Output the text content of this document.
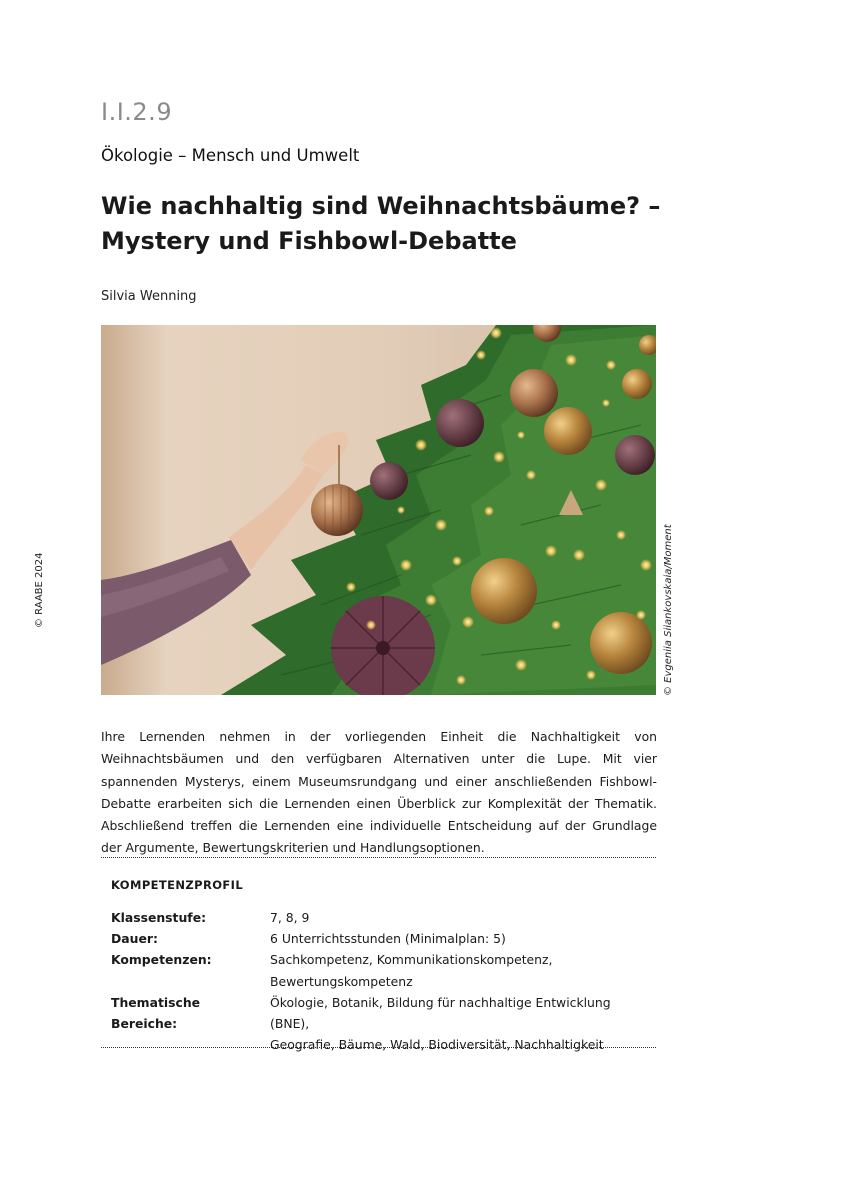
I.I.2.9
Ökologie – Mensch und Umwelt
Wie nachhaltig sind Weihnachtsbäume? –
Mystery und Fishbowl-Debatte
Silvia Wenning
© RAABE 2024	© Evgeniia Siiankovskaia/Moment

Ihre Lernenden nehmen in der vorliegenden Einheit die Nachhaltigkeit von Weihnachtsbäumen und den verfügbaren Alternativen unter die Lupe. Mit vier spannenden Mysterys, einem Museumsrundgang und einer anschließenden Fishbowl-Debatte erarbeiten sich die Lernenden einen Überblick zur Komplexität der Thematik. Abschließend treffen die Lernenden eine individuelle Entscheidung auf der Grundlage der Argumente, Bewertungskriterien und Handlungsoptionen.

KOMPETENZPROFIL
Klassenstufe:	7, 8, 9
Dauer:	6 Unterrichtsstunden (Minimalplan: 5)
Kompetenzen:	Sachkompetenz, Kommunikationskompetenz,
Bewertungskompetenz
Thematische Bereiche:
Ökologie, Botanik, Bildung für nachhaltige Entwicklung (BNE),
Geografie, Bäume, Wald, Biodiversität, Nachhaltigkeit
